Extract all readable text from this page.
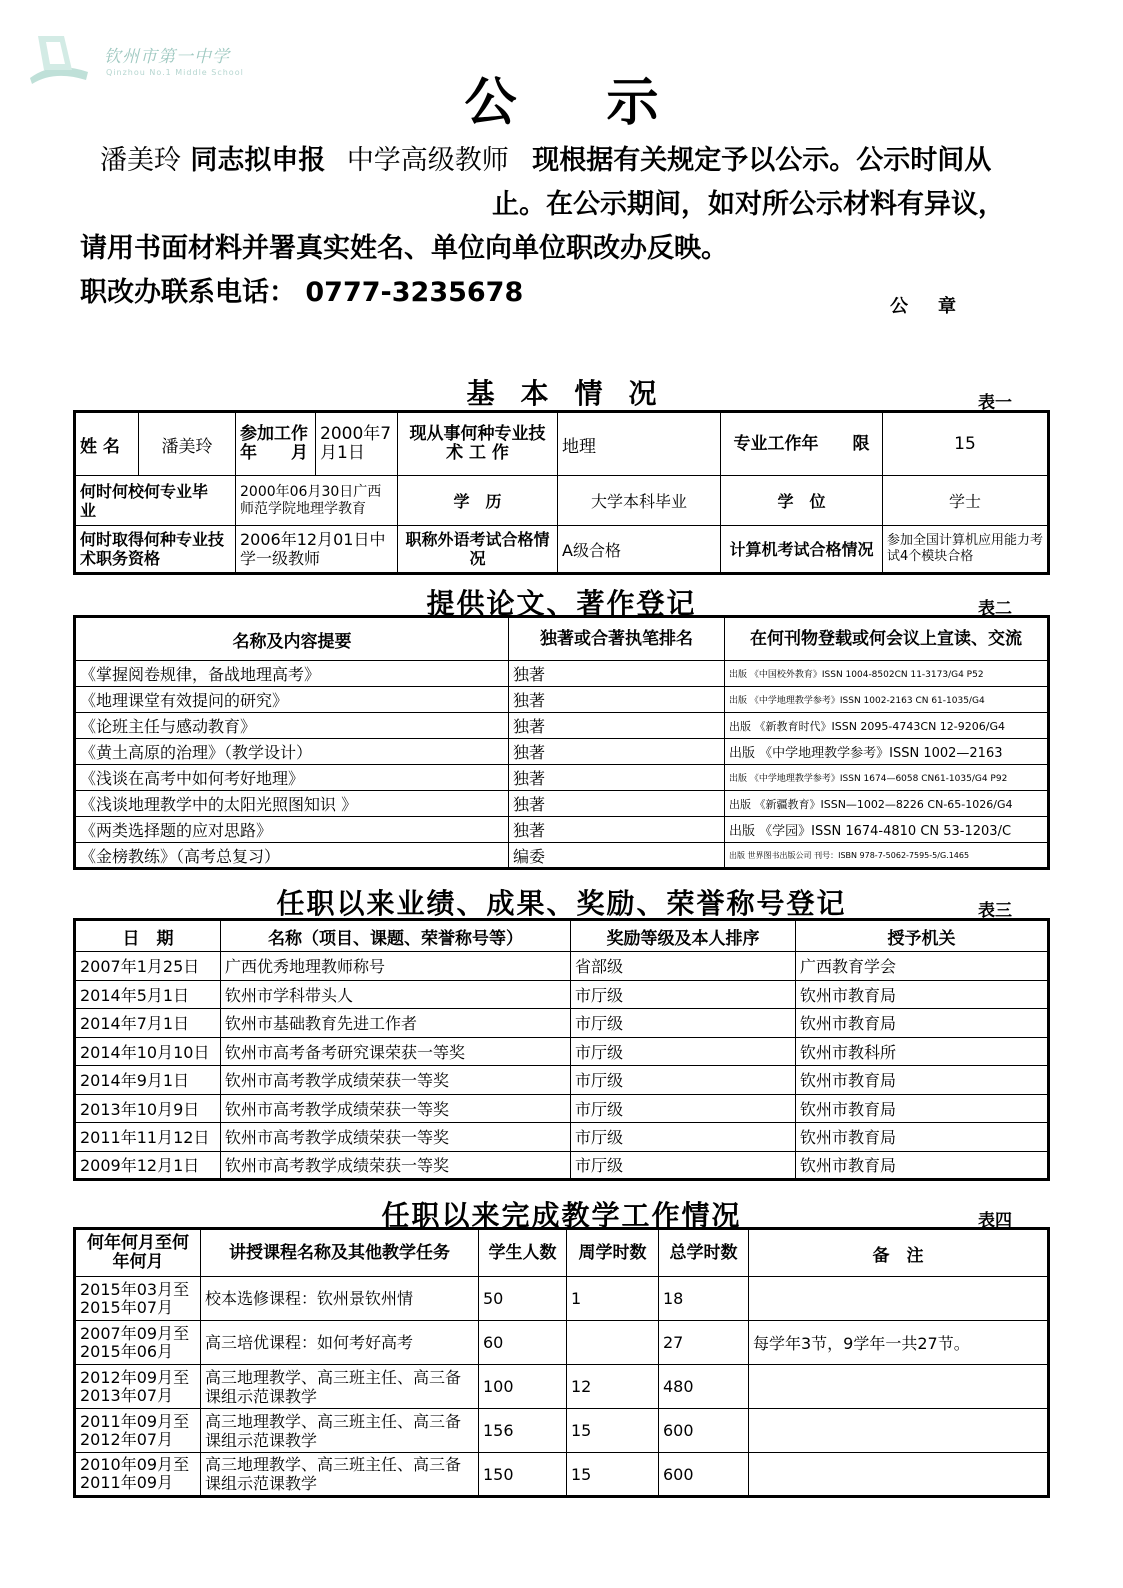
钦州市第一中学
Qinzhou No.1 Middle School	公示
潘美玲 同志拟申报 中学高级教师 现根据有关规定予以公示。公示时间从
止。在公示期间，如对所公示材料有异议，
请用书面材料并署真实姓名、单位向单位职改办反映。
职改办联系电话： 0777-3235678	公章
基本情况	表一
姓 名	潘美玲	参加工作年　　月	2000年7月1日	现从事何种专业技 术 工 作	地理	专业工作年　　限	15
何时何校何专业毕　　　业		2000年06月30日广西师范学院地理学教育		学　历	大学本科毕业	学　位	学士
何时取得何种专业技术职务资格		2006年12月01日中学一级教师		职称外语考试合格情况	A级合格	计算机考试合格情况	参加全国计算机应用能力考试4个模块合格
提供论文、著作登记	表二
名称及内容提要	独著或合著执笔排名	在何刊物登载或何会议上宣读、交流
《掌握阅卷规律，备战地理高考》	独著	出版 《中国校外教育》ISSN 1004-8502CN 11-3173/G4 P52
《地理课堂有效提问的研究》	独著	出版 《中学地理教学参考》ISSN 1002-2163 CN 61-1035/G4
《论班主任与感动教育》	独著	出版 《新教育时代》ISSN 2095-4743CN 12-9206/G4
《黄土高原的治理》（教学设计）	独著	出版 《中学地理教学参考》ISSN 1002—2163
《浅谈在高考中如何考好地理》	独著	出版 《中学地理教学参考》ISSN 1674—6058 CN61-1035/G4 P92
《浅谈地理教学中的太阳光照图知识 》	独著	出版 《新疆教育》ISSN—1002—8226 CN-65-1026/G4
《两类选择题的应对思路》	独著	出版 《学园》ISSN 1674-4810 CN 53-1203/C
《金榜教练》（高考总复习）	编委	出版 世界图书出版公司 刊号：ISBN 978-7-5062-7595-5/G.1465
任职以来业绩、成果、奖励、荣誉称号登记	表三
日　期	名称（项目、课题、荣誉称号等）	奖励等级及本人排序	授予机关
2007年1月25日	广西优秀地理教师称号	省部级	广西教育学会
2014年5月1日	钦州市学科带头人	市厅级	钦州市教育局
2014年7月1日	钦州市基础教育先进工作者	市厅级	钦州市教育局
2014年10月10日	钦州市高考备考研究课荣获一等奖	市厅级	钦州市教科所
2014年9月1日	钦州市高考教学成绩荣获一等奖	市厅级	钦州市教育局
2013年10月9日	钦州市高考教学成绩荣获一等奖	市厅级	钦州市教育局
2011年11月12日	钦州市高考教学成绩荣获一等奖	市厅级	钦州市教育局
2009年12月1日	钦州市高考教学成绩荣获一等奖	市厅级	钦州市教育局
任职以来完成教学工作情况	表四
何年何月至何年何月	讲授课程名称及其他教学任务	学生人数	周学时数	总学时数	备　注
2015年03月至2015年07月	校本选修课程：钦州景钦州情	50	1	18	
2007年09月至2015年06月	高三培优课程：如何考好高考	60		27	每学年3节，9学年一共27节。
2012年09月至2013年07月	高三地理教学、高三班主任、高三备课组示范课教学	100	12	480	
2011年09月至2012年07月	高三地理教学、高三班主任、高三备课组示范课教学	156	15	600	
2010年09月至2011年09月	高三地理教学、高三班主任、高三备课组示范课教学	150	15	600	
